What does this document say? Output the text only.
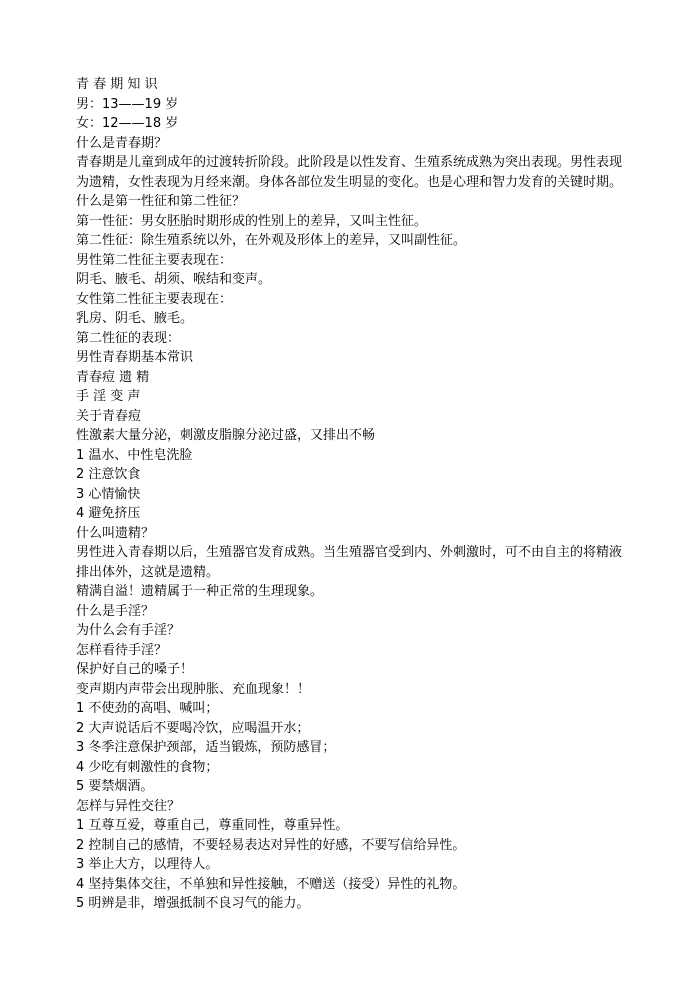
青 春 期 知 识

男：13——19 岁

女：12——18 岁

什么是青春期？

青春期是儿童到成年的过渡转折阶段。此阶段是以性发育、生殖系统成熟为突出表现。男性表现为遗精，女性表现为月经来潮。身体各部位发生明显的变化。也是心理和智力发育的关键时期。

什么是第一性征和第二性征？

第一性征：男女胚胎时期形成的性别上的差异，又叫主性征。

第二性征：除生殖系统以外，在外观及形体上的差异，又叫副性征。

男性第二性征主要表现在：

阴毛、腋毛、胡须、喉结和变声。

女性第二性征主要表现在：

乳房、阴毛、腋毛。

第二性征的表现：

男性青春期基本常识

青春痘 遗 精

手 淫 变 声

关于青春痘

性激素大量分泌，刺激皮脂腺分泌过盛，又排出不畅

1 温水、中性皂洗脸

2 注意饮食

3 心情愉快

4 避免挤压

什么叫遗精？

男性进入青春期以后，生殖器官发育成熟。当生殖器官受到内、外刺激时，可不由自主的将精液排出体外，这就是遗精。

精满自溢！遗精属于一种正常的生理现象。

什么是手淫？

为什么会有手淫？

怎样看待手淫？

保护好自己的嗓子！

变声期内声带会出现肿胀、充血现象！！

1 不使劲的高唱、喊叫；

2 大声说话后不要喝冷饮，应喝温开水；

3 冬季注意保护颈部，适当锻炼，预防感冒；

4 少吃有刺激性的食物；

5 要禁烟酒。

怎样与异性交往？

1 互尊互爱，尊重自己，尊重同性，尊重异性。

2 控制自己的感情，不要轻易表达对异性的好感，不要写信给异性。

3 举止大方，以理待人。

4 坚持集体交往，不单独和异性接触，不赠送（接受）异性的礼物。

5 明辨是非，增强抵制不良习气的能力。
